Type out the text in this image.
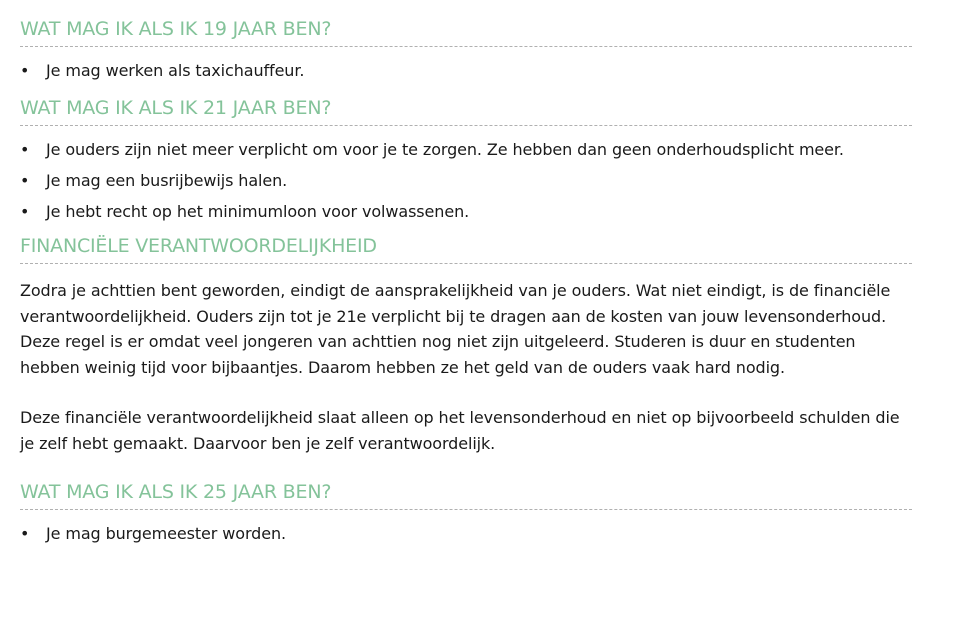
WAT MAG IK ALS IK 19 JAAR BEN?
• Je mag werken als taxichauffeur.
WAT MAG IK ALS IK 21 JAAR BEN?
• Je ouders zijn niet meer verplicht om voor je te zorgen. Ze hebben dan geen onderhoudsplicht meer.
• Je mag een busrijbewijs halen.
• Je hebt recht op het minimumloon voor volwassenen.
FINANCIËLE VERANTWOORDELIJKHEID

Zodra je achttien bent geworden, eindigt de aansprakelijkheid van je ouders. Wat niet eindigt, is de financiële verantwoordelijkheid. Ouders zijn tot je 21e verplicht bij te dragen aan de kosten van jouw levensonderhoud. Deze regel is er omdat veel jongeren van achttien nog niet zijn uitgeleerd. Studeren is duur en studenten hebben weinig tijd voor bijbaantjes. Daarom hebben ze het geld van de ouders vaak hard nodig.

Deze financiële verantwoordelijkheid slaat alleen op het levensonderhoud en niet op bijvoorbeeld schulden die je zelf hebt gemaakt. Daarvoor ben je zelf verantwoordelijk.

WAT MAG IK ALS IK 25 JAAR BEN?
• Je mag burgemeester worden.
